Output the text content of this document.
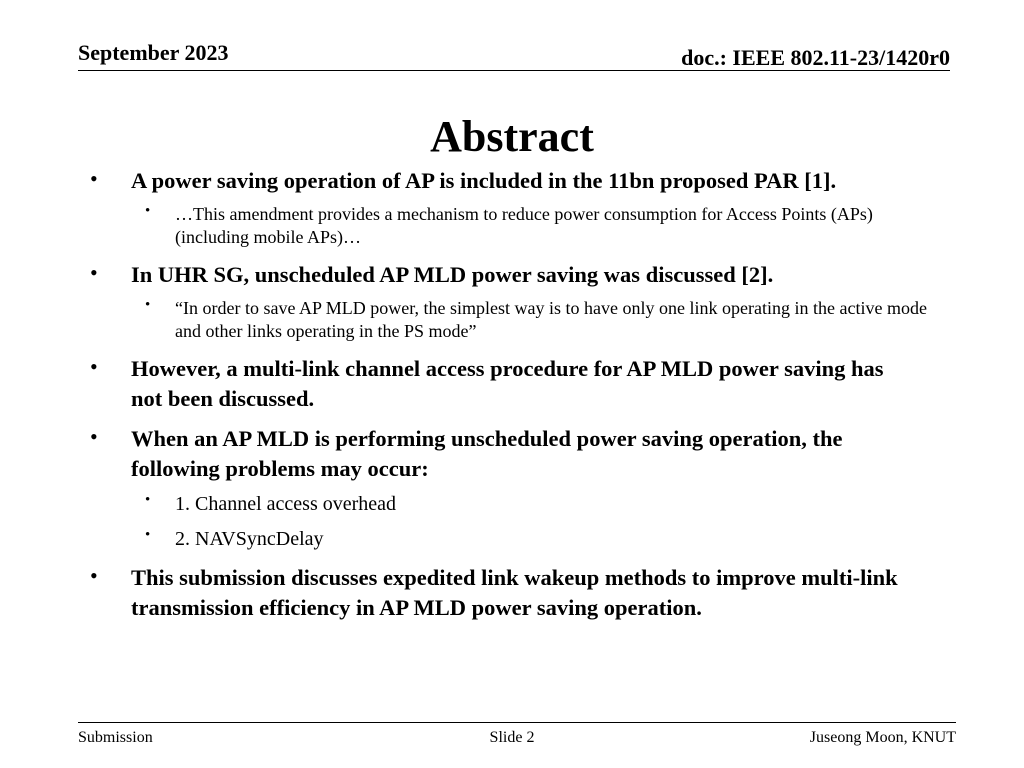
September 2023	doc.: IEEE 802.11-23/1420r0
Abstract
• A power saving operation of AP is included in the 11bn proposed PAR [1].
• …This amendment provides a mechanism to reduce power consumption for Access Points (APs) (including mobile APs)…
• In UHR SG, unscheduled AP MLD power saving was discussed [2].
• “In order to save AP MLD power, the simplest way is to have only one link operating in the active mode and other links operating in the PS mode”
• However, a multi-link channel access procedure for AP MLD power saving has not been discussed.
• When an AP MLD is performing unscheduled power saving operation, the following problems may occur:
• 1. Channel access overhead
• 2. NAVSyncDelay
• This submission discusses expedited link wakeup methods to improve multi-link transmission efficiency in AP MLD power saving operation.
Submission	Slide 2	Juseong Moon, KNUT
